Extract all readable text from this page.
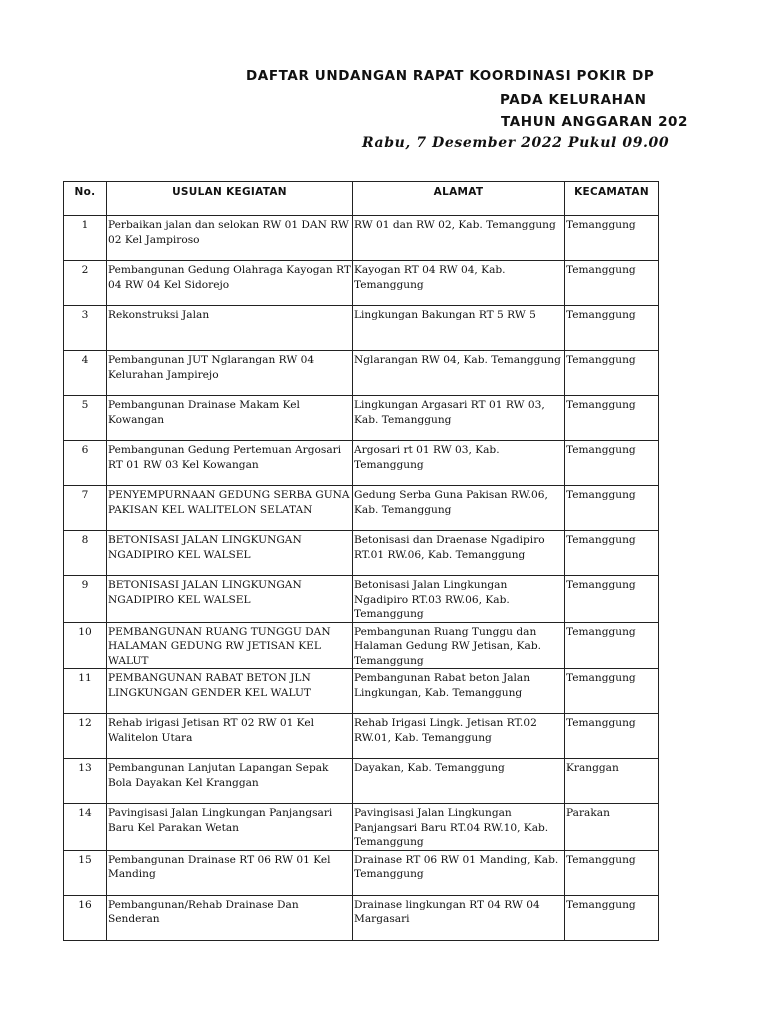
DAFTAR UNDANGAN RAPAT KOORDINASI POKIR DP
PADA KELURAHAN
TAHUN ANGGARAN 202
Rabu, 7 Desember 2022 Pukul 09.00
No.	USULAN KEGIATAN	ALAMAT	KECAMATAN
1	Perbaikan jalan dan selokan RW 01 DAN RW 02 Kel Jampiroso	RW 01 dan RW 02, Kab. Temanggung	Temanggung
2	Pembangunan Gedung Olahraga Kayogan RT 04 RW 04 Kel Sidorejo	Kayogan RT 04 RW 04, Kab. Temanggung	Temanggung
3	Rekonstruksi Jalan	Lingkungan Bakungan RT 5 RW 5	Temanggung
4	Pembangunan JUT Nglarangan RW 04 Kelurahan Jampirejo	Nglarangan RW 04, Kab. Temanggung	Temanggung
5	Pembangunan Drainase Makam Kel Kowangan	Lingkungan Argasari RT 01 RW 03, Kab. Temanggung	Temanggung
6	Pembangunan Gedung Pertemuan Argosari RT 01 RW 03 Kel Kowangan	Argosari rt 01 RW 03, Kab. Temanggung	Temanggung
7	PENYEMPURNAAN GEDUNG SERBA GUNA PAKISAN KEL WALITELON SELATAN	Gedung Serba Guna Pakisan RW.06, Kab. Temanggung	Temanggung
8	BETONISASI JALAN LINGKUNGAN NGADIPIRO KEL WALSEL	Betonisasi dan Draenase Ngadipiro RT.01 RW.06, Kab. Temanggung	Temanggung
9	BETONISASI JALAN LINGKUNGAN NGADIPIRO KEL WALSEL	Betonisasi Jalan Lingkungan Ngadipiro RT.03 RW.06, Kab. Temanggung	Temanggung
10	PEMBANGUNAN RUANG TUNGGU DAN HALAMAN GEDUNG RW JETISAN KEL WALUT	Pembangunan Ruang Tunggu dan Halaman Gedung RW Jetisan, Kab. Temanggung	Temanggung
11	PEMBANGUNAN RABAT BETON JLN LINGKUNGAN GENDER KEL WALUT	Pembangunan Rabat beton Jalan Lingkungan, Kab. Temanggung	Temanggung
12	Rehab irigasi Jetisan RT 02 RW 01 Kel Walitelon Utara	Rehab Irigasi Lingk. Jetisan RT.02 RW.01, Kab. Temanggung	Temanggung
13	Pembangunan Lanjutan Lapangan Sepak Bola Dayakan Kel Kranggan	Dayakan, Kab. Temanggung	Kranggan
14	Pavingisasi Jalan Lingkungan Panjangsari Baru Kel Parakan Wetan	Pavingisasi Jalan Lingkungan Panjangsari Baru RT.04 RW.10, Kab. Temanggung	Parakan
15	Pembangunan Drainase RT 06 RW 01 Kel Manding	Drainase RT 06 RW 01 Manding, Kab. Temanggung	Temanggung
16	Pembangunan/Rehab Drainase Dan Senderan	Drainase lingkungan RT 04 RW 04 Margasari	Temanggung
